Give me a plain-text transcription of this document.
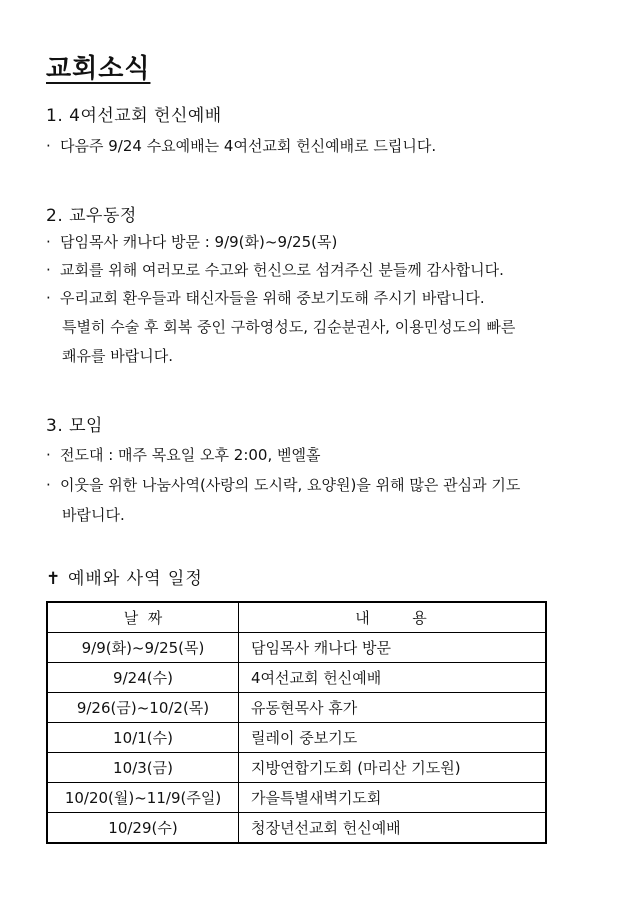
교회소식
1. 4여선교회 헌신예배
· 다음주 9/24 수요예배는 4여선교회 헌신예배로 드립니다.
2. 교우동정
· 담임목사 캐나다 방문 : 9/9(화)~9/25(목)
· 교회를 위해 여러모로 수고와 헌신으로 섬겨주신 분들께 감사합니다.
· 우리교회 환우들과 태신자들을 위해 중보기도해 주시기 바랍니다.
특별히 수술 후 회복 중인 구하영성도, 김순분권사, 이용민성도의 빠른
쾌유를 바랍니다.
3. 모임
· 전도대 : 매주 목요일 오후 2:00, 벧엘홀
· 이웃을 위한 나눔사역(사랑의 도시락, 요양원)을 위해 많은 관심과 기도
바랍니다.
✝ 예배와 사역 일정
날  짜	내      용
9/9(화)~9/25(목)	담임목사 캐나다 방문
9/24(수)	4여선교회 헌신예배
9/26(금)~10/2(목)	유동현목사 휴가
10/1(수)	릴레이 중보기도
10/3(금)	지방연합기도회 (마리산 기도원)
10/20(월)~11/9(주일)	가을특별새벽기도회
10/29(수)	청장년선교회 헌신예배
